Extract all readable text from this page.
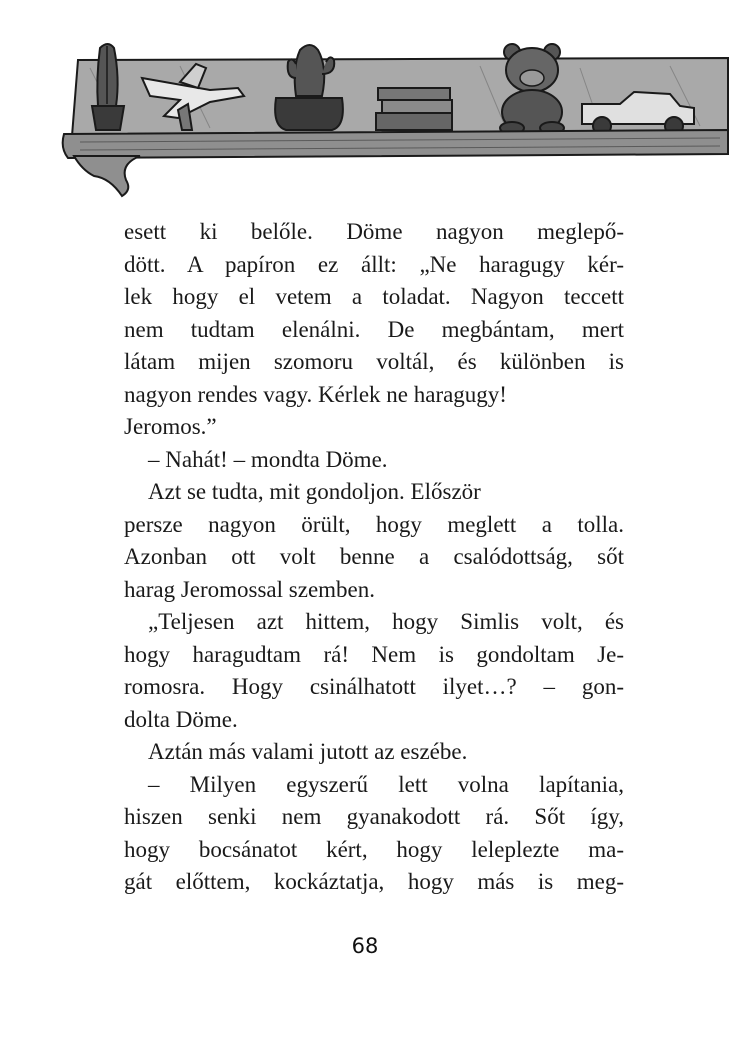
esett ki belőle. Döme nagyon meglepő-
dött. A papíron ez állt: „Ne haragugy kér-
lek hogy el vetem a toladat. Nagyon teccett
nem tudtam elenálni. De megbántam, mert
látam mijen szomoru voltál, és különben is
nagyon rendes vagy. Kérlek ne haragugy!
Jeromos.”
– Nahát! – mondta Döme.
Azt se tudta, mit gondoljon. Először
persze nagyon örült, hogy meglett a tolla.
Azonban ott volt benne a csalódottság, sőt
harag Jeromossal szemben.
„Teljesen azt hittem, hogy Simlis volt, és
hogy haragudtam rá! Nem is gondoltam Je-
romosra. Hogy csinálhatott ilyet…? – gon-
dolta Döme.
Aztán más valami jutott az eszébe.
– Milyen egyszerű lett volna lapítania,
hiszen senki nem gyanakodott rá. Sőt így,
hogy bocsánatot kért, hogy leleplezte ma-
gát előttem, kockáztatja, hogy más is meg-
68
